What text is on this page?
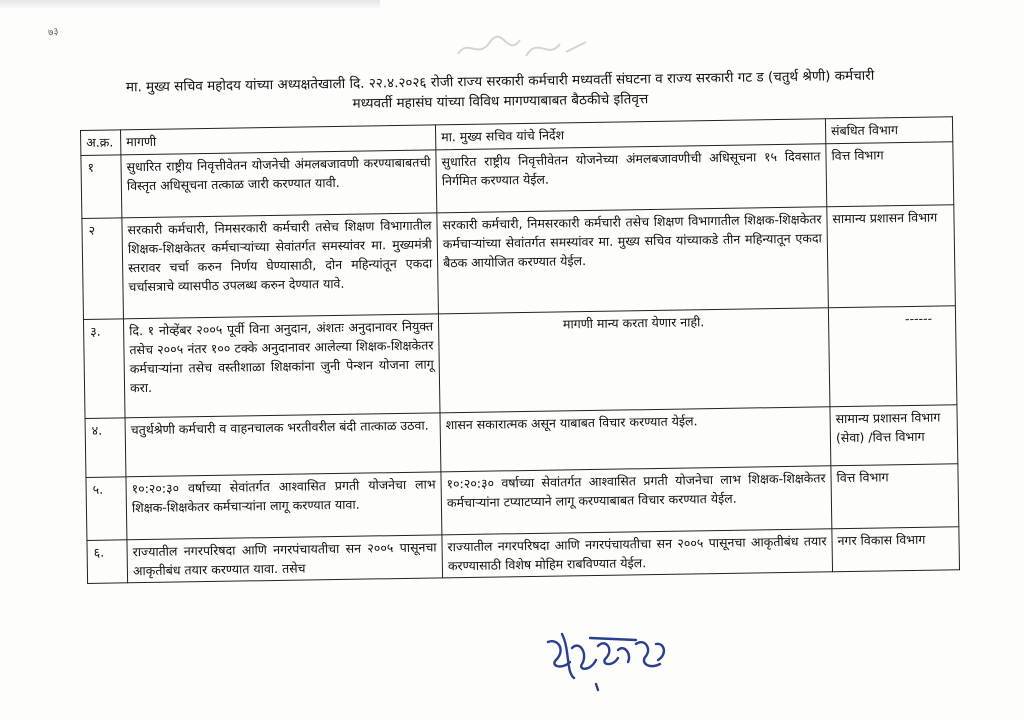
७३
मा. मुख्य सचिव महोदय यांच्या अध्यक्षतेखाली दि. २२.४.२०२६ रोजी राज्य सरकारी कर्मचारी मध्यवर्ती संघटना व राज्य सरकारी गट ड (चतुर्थ श्रेणी) कर्मचारी
मध्यवर्ती महासंघ यांच्या विविध मागण्याबाबत बैठकीचे इतिवृत्त
अ.क्र.	मागणी	मा. मुख्य सचिव यांचे निर्देश	संबधित विभाग
१	सुधारित राष्ट्रीय निवृत्तीवेतन योजनेची अंमलबजावणी करण्याबाबतची विस्तृत अधिसूचना तत्काळ जारी करण्यात यावी.	सुधारित राष्ट्रीय निवृत्तीवेतन योजनेच्या अंमलबजावणीची अधिसूचना १५ दिवसात निर्गमित करण्यात येईल.	वित्त विभाग
२	सरकारी कर्मचारी, निमसरकारी कर्मचारी तसेच शिक्षण विभागातील शिक्षक-शिक्षकेतर कर्मचाऱ्यांच्या सेवांतर्गत समस्यांवर मा. मुख्यमंत्री स्तरावर चर्चा करुन निर्णय घेण्यासाठी, दोन महिन्यांतून एकदा चर्चासत्राचे व्यासपीठ उपलब्ध करुन देण्यात यावे.	सरकारी कर्मचारी, निमसरकारी कर्मचारी तसेच शिक्षण विभागातील शिक्षक-शिक्षकेतर कर्मचाऱ्यांच्या सेवांतर्गत समस्यांवर मा. मुख्य सचिव यांच्याकडे तीन महिन्यातून एकदा बैठक आयोजित करण्यात येईल.	सामान्य प्रशासन विभाग
३.	दि. १ नोव्हेंबर २००५ पूर्वी विना अनुदान, अंशतः अनुदानावर नियुक्त तसेच २००५ नंतर १०० टक्के अनुदानावर आलेल्या शिक्षक-शिक्षकेतर कर्मचाऱ्यांना तसेच वस्तीशाळा शिक्षकांना जुनी पेन्शन योजना लागू करा.	मागणी मान्य करता येणार नाही.	------

४.	चतुर्थश्रेणी कर्मचारी व वाहनचालक भरतीवरील बंदी तात्काळ उठवा.	शासन सकारात्मक असून याबाबत विचार करण्यात येईल.	सामान्य प्रशासन विभाग (सेवा) /वित्त विभाग
५.	१०:२०:३० वर्षाच्या सेवांतर्गत आश्वासित प्रगती योजनेचा लाभ शिक्षक-शिक्षकेतर कर्मचाऱ्यांना लागू करण्यात यावा.	१०:२०:३० वर्षाच्या सेवांतर्गत आश्वासित प्रगती योजनेचा लाभ शिक्षक-शिक्षकेतर कर्मचाऱ्यांना टप्याटप्याने लागू करण्याबाबत विचार करण्यात येईल.	वित्त विभाग
६.	राज्यातील नगरपरिषदा आणि नगरपंचायतीचा सन २००५ पासूनचा आकृतीबंध तयार करण्यात यावा. तसेच	राज्यातील नगरपरिषदा आणि नगरपंचायतीचा सन २००५ पासूनचा आकृतीबंध तयार करण्यासाठी विशेष मोहिम राबविण्यात येईल.	नगर विकास विभाग
